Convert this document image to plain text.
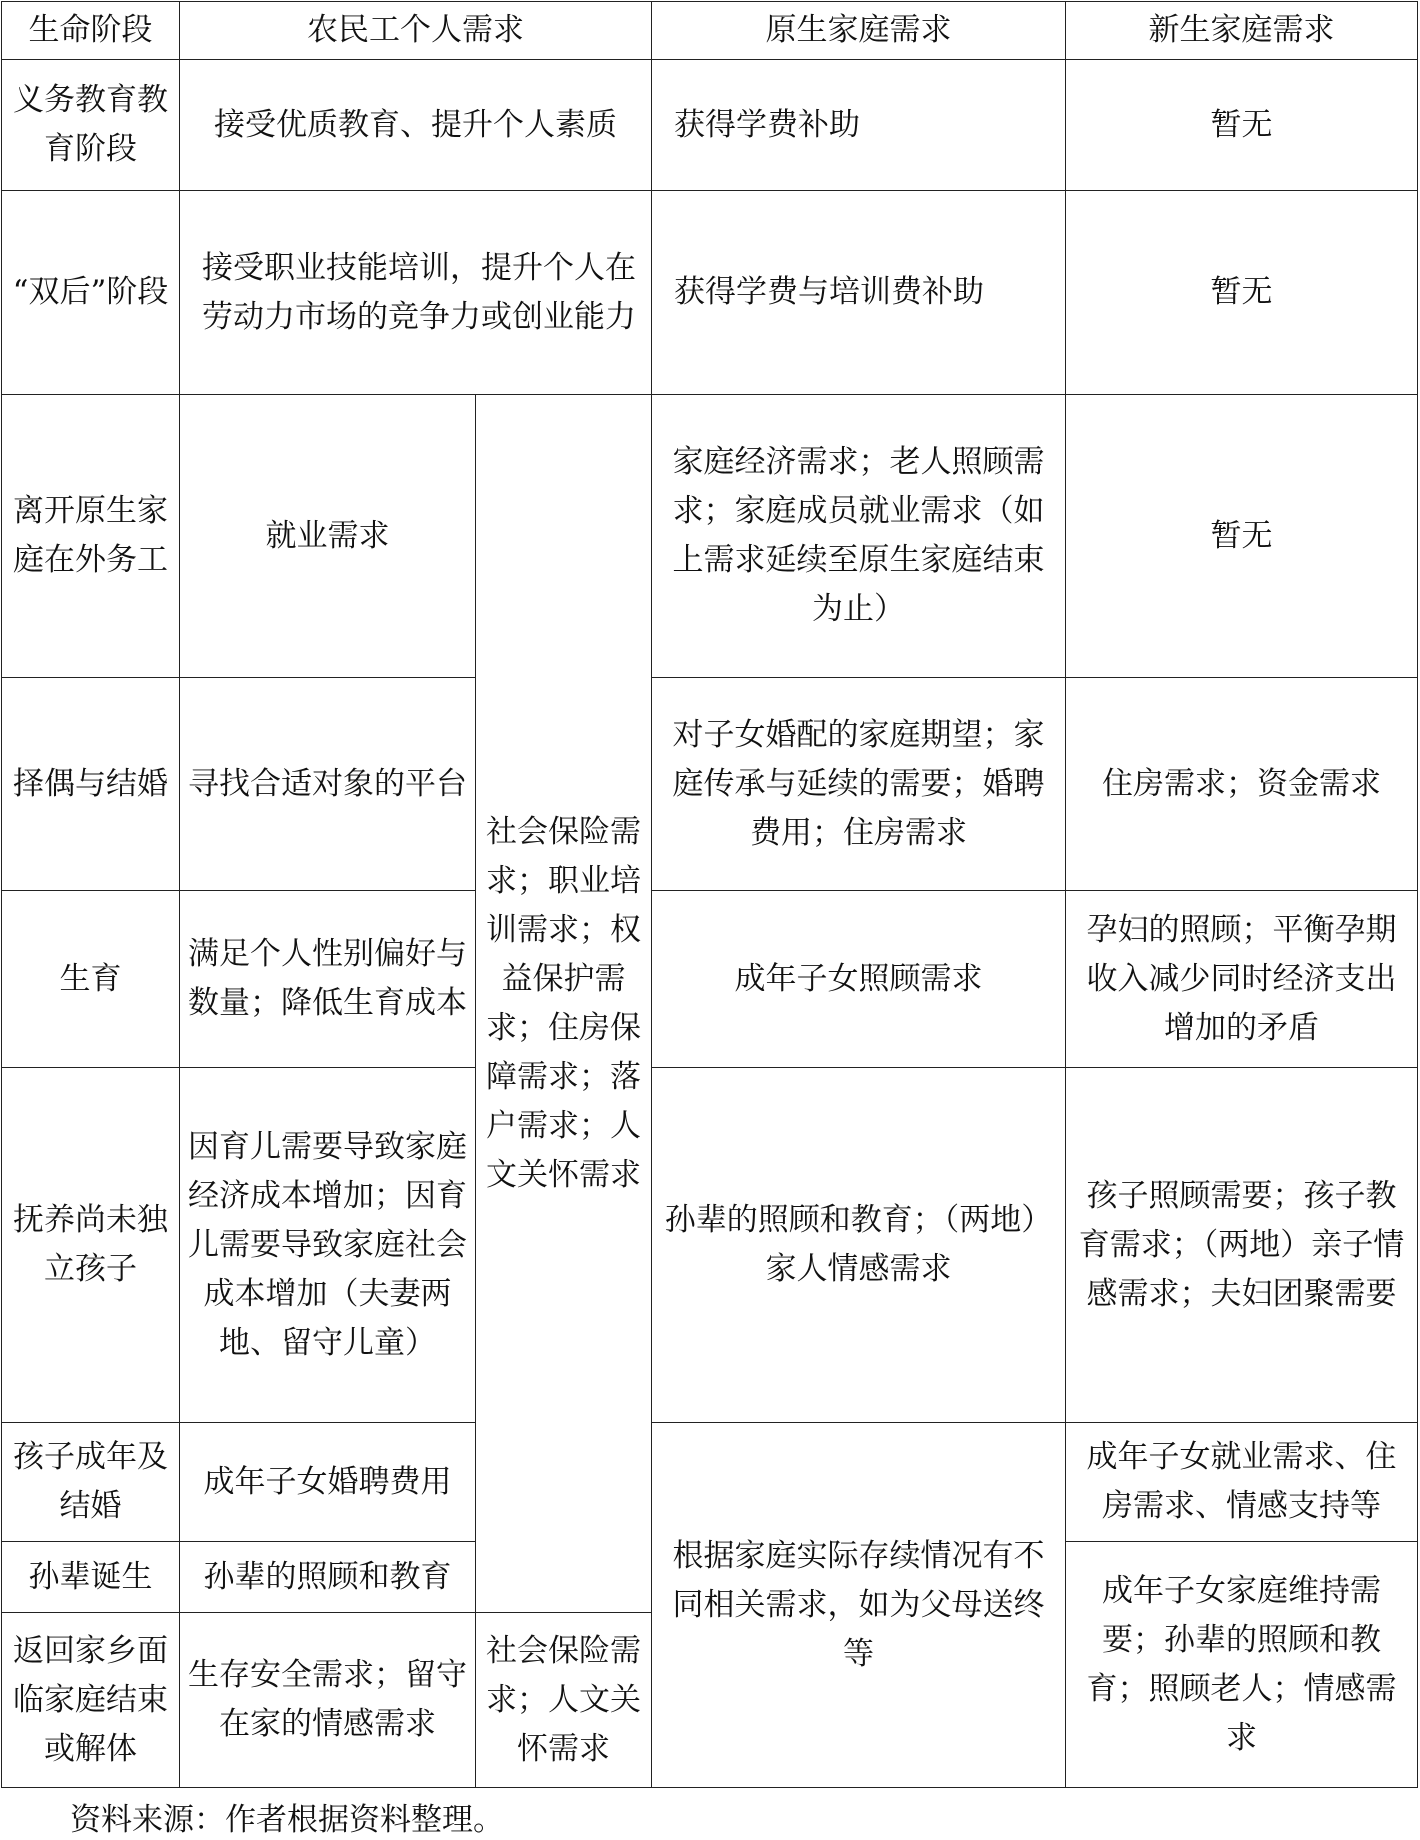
生命阶段	农民工个人需求		原生家庭需求	新生家庭需求
义务教育教育阶段	接受优质教育、提升个人素质		获得学费补助	暂无
“双后”阶段	接受职业技能培训，提升个人在劳动力市场的竞争力或创业能力		获得学费与培训费补助	暂无
离开原生家庭在外务工	就业需求	社会保险需求；职业培训需求；权益保护需求；住房保障需求；落户需求；人文关怀需求	家庭经济需求；老人照顾需求；家庭成员就业需求（如上需求延续至原生家庭结束为止）	暂无
择偶与结婚	寻找合适对象的平台		对子女婚配的家庭期望；家庭传承与延续的需要；婚聘费用；住房需求	住房需求；资金需求
生育	满足个人性别偏好与数量；降低生育成本		成年子女照顾需求	孕妇的照顾；平衡孕期收入减少同时经济支出增加的矛盾
抚养尚未独立孩子	因育儿需要导致家庭经济成本增加；因育儿需要导致家庭社会成本增加（夫妻两地、留守儿童）		孙辈的照顾和教育；（两地）家人情感需求	孩子照顾需要；孩子教育需求；（两地）亲子情感需求；夫妇团聚需要
孩子成年及结婚	成年子女婚聘费用		根据家庭实际存续情况有不同相关需求，如为父母送终等	成年子女就业需求、住房需求、情感支持等
孙辈诞生	孙辈的照顾和教育			成年子女家庭维持需要；孙辈的照顾和教育；照顾老人；情感需求
返回家乡面临家庭结束或解体	生存安全需求；留守在家的情感需求	社会保险需求；人文关怀需求		
资料来源：作者根据资料整理。
